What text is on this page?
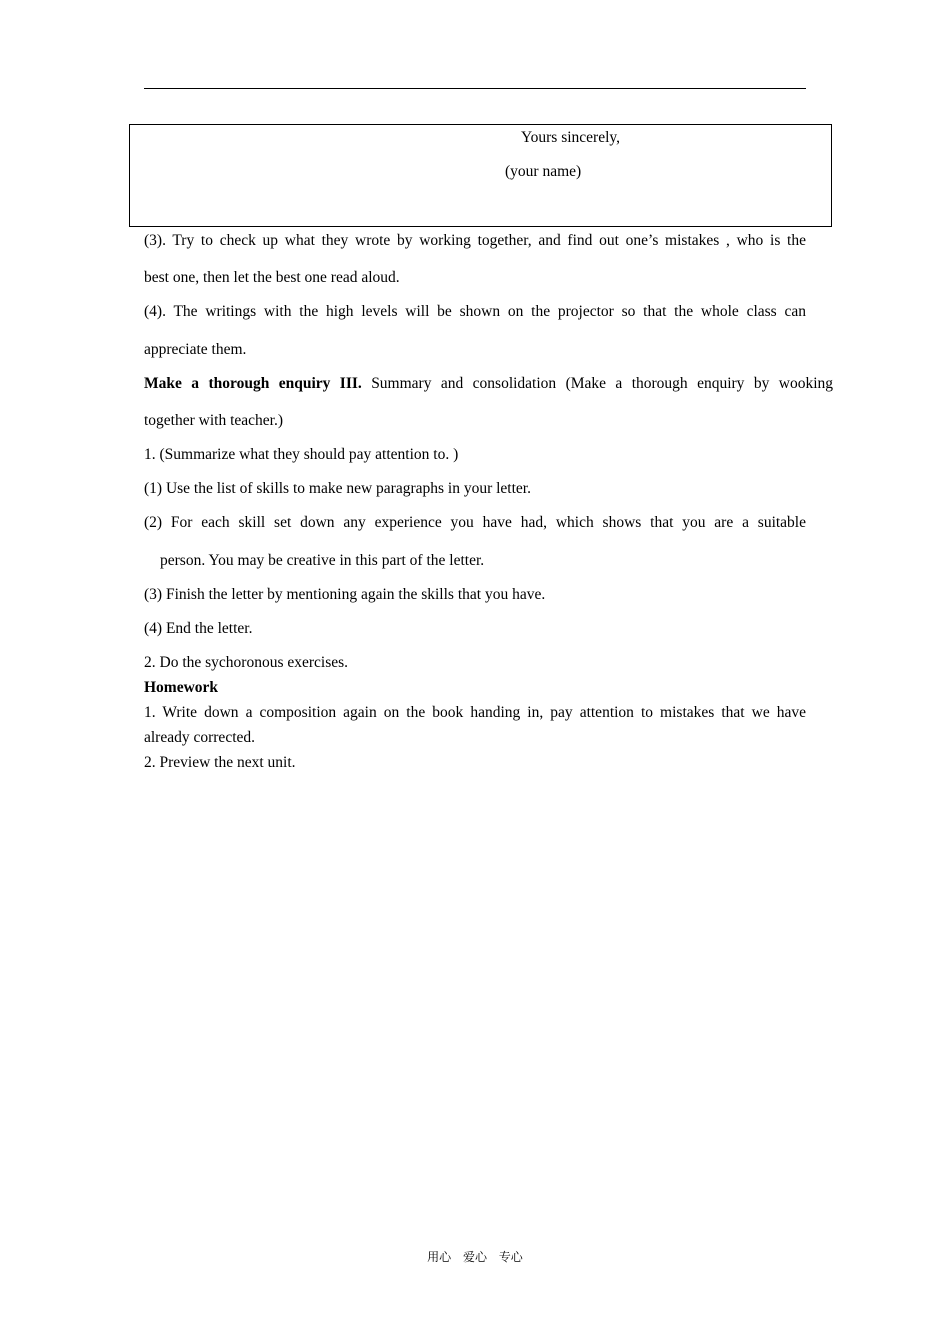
Yours sincerely,
(your name)
(3). Try to check up what they wrote by working together, and find out one’s mistakes , who is the
best one, then let the best one read aloud.
(4). The writings with the high levels will be shown on the projector so that the whole class can
appreciate them.
Make a thorough enquiry III. Summary and consolidation (Make a thorough enquiry by wooking
together with teacher.)
1. (Summarize what they should pay attention to. )
(1) Use the list of skills to make new paragraphs in your letter.
(2) For each skill set down any experience you have had, which shows that you are a suitable
person. You may be creative in this part of the letter.
(3) Finish the letter by mentioning again the skills that you have.
(4) End the letter.
2. Do the sychoronous exercises.
Homework
1. Write down a composition again on the book handing in, pay attention to mistakes that we have
already corrected.
2. Preview the next unit.
用心 爱心 专心
